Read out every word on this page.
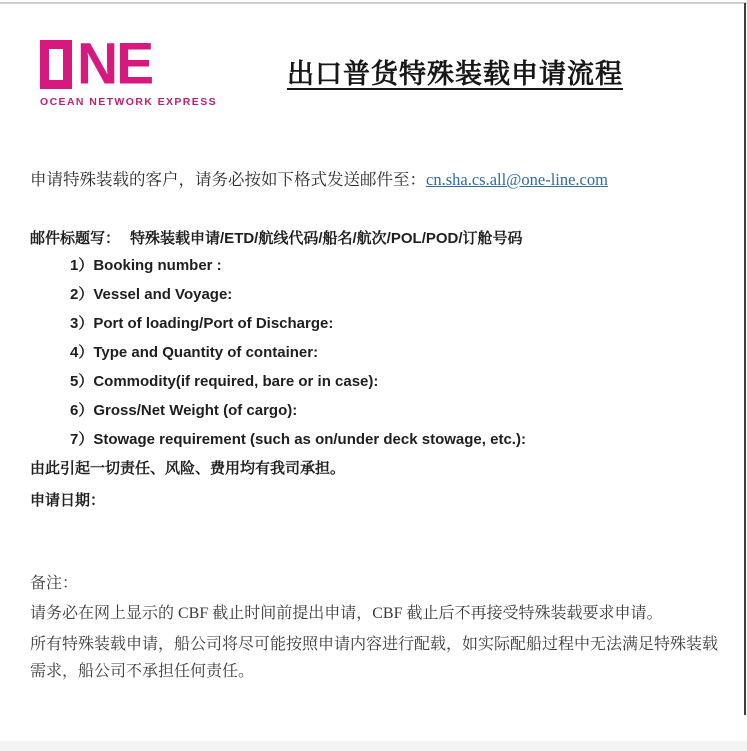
NE
OCEAN NETWORK EXPRESS
出口普货特殊装载申请流程

申请特殊装载的客户，请务必按如下格式发送邮件至：cn.sha.cs.all@one-line.com

邮件标题写： 特殊装载申请/ETD/航线代码/船名/航次/POL/POD/订舱号码

1）Booking number :
2）Vessel and Voyage:
3）Port of loading/Port of Discharge:
4）Type and Quantity of container:
5）Commodity(if required, bare or in case):
6）Gross/Net Weight (of cargo):
7）Stowage requirement (such as on/under deck stowage, etc.):

由此引起一切责任、风险、费用均有我司承担。

申请日期：

备注：

请务必在网上显示的 CBF 截止时间前提出申请，CBF 截止后不再接受特殊装载要求申请。

所有特殊装载申请，船公司将尽可能按照申请内容进行配载，如实际配船过程中无法满足特殊装载需求，船公司不承担任何责任。
